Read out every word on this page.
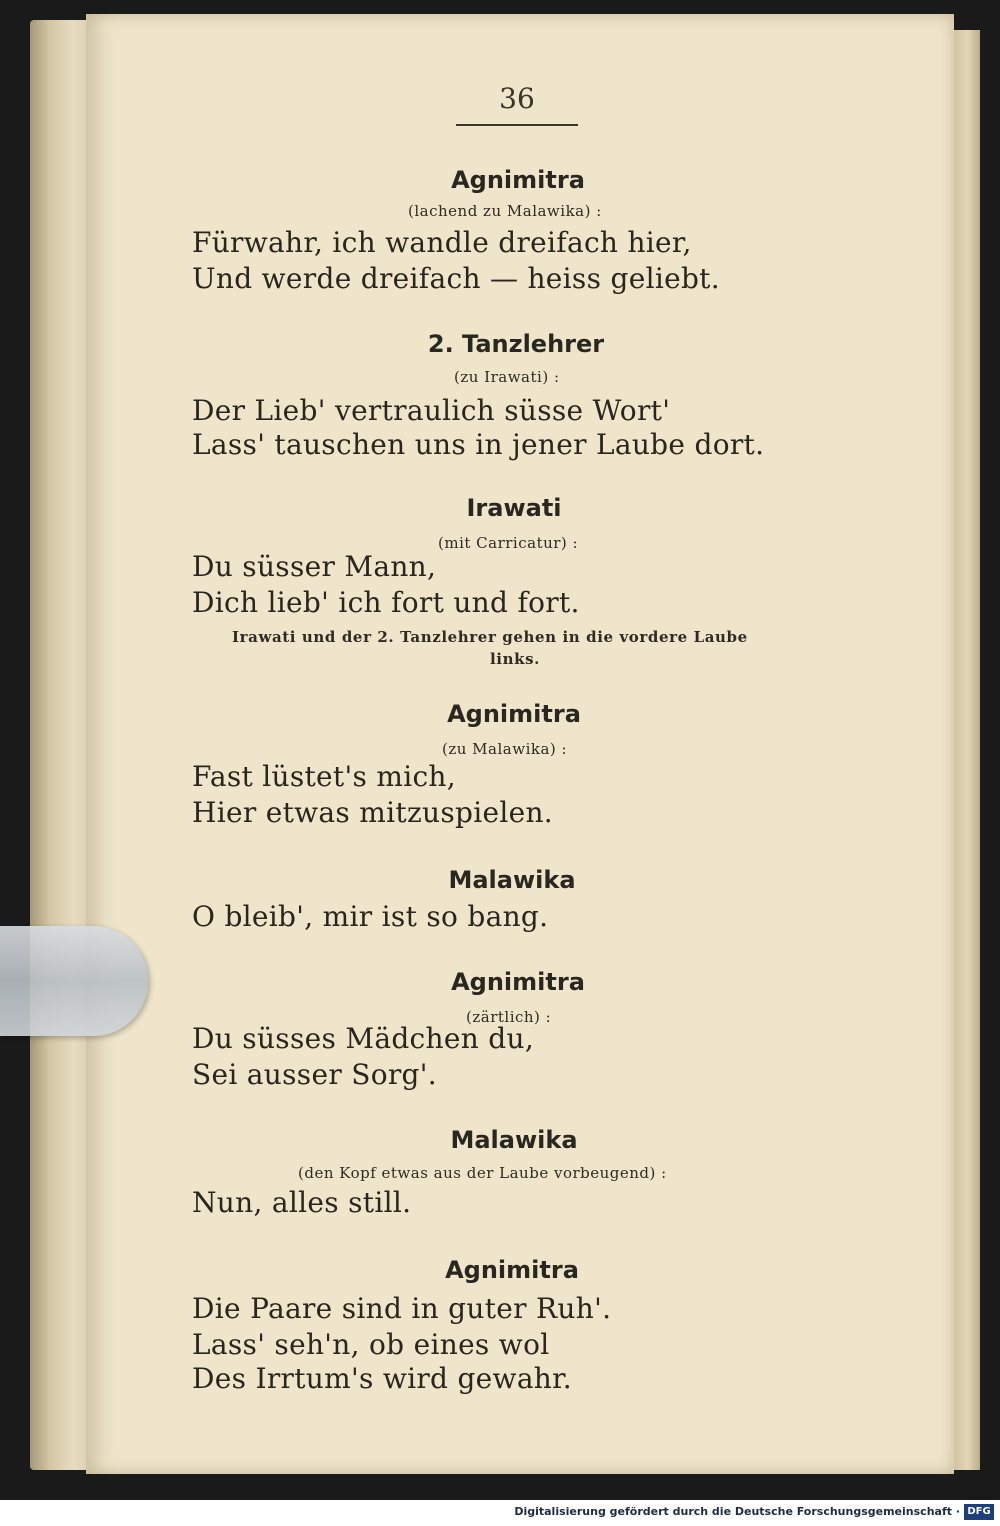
36
Agnimitra
(lachend zu Malawika) :
Fürwahr, ich wandle dreifach hier,
Und werde dreifach — heiss geliebt.
2. Tanzlehrer
(zu Irawati) :
Der Lieb' vertraulich süsse Wort'
Lass' tauschen uns in jener Laube dort.
Irawati
(mit Carricatur) :
Du süsser Mann,
Dich lieb' ich fort und fort.
Irawati und der 2. Tanzlehrer gehen in die vordere Laube
links.
Agnimitra
(zu Malawika) :
Fast lüstet's mich,
Hier etwas mitzuspielen.
Malawika
O bleib', mir ist so bang.
Agnimitra
(zärtlich) :
Du süsses Mädchen du,
Sei ausser Sorg'.
Malawika
(den Kopf etwas aus der Laube vorbeugend) :
Nun, alles still.
Agnimitra
Die Paare sind in guter Ruh'.
Lass' seh'n, ob eines wol
Des Irrtum's wird gewahr.
Digitalisierung gefördert durch die Deutsche Forschungsgemeinschaft · DFG
